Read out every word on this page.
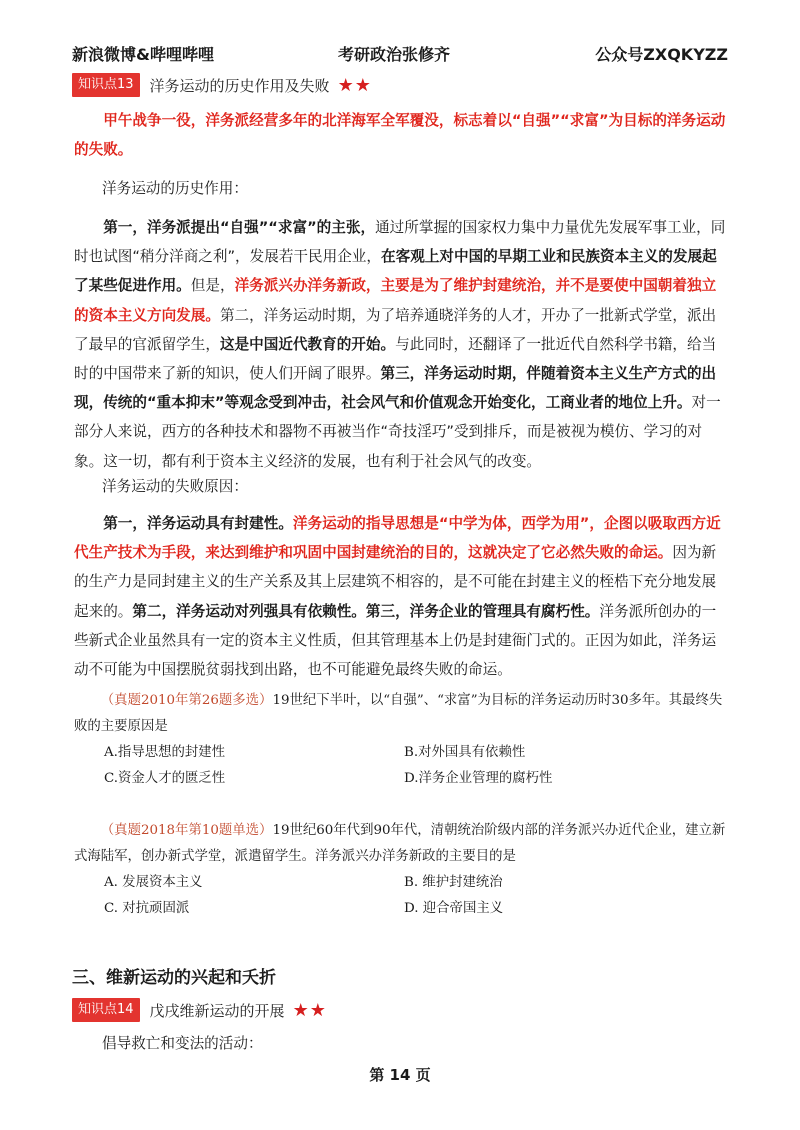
新浪微博&哔哩哔哩	考研政治张修齐	公众号ZXQKYZZ
知识点13	洋务运动的历史作用及失败 ★★

甲午战争一役，洋务派经营多年的北洋海军全军覆没，标志着以“自强”“求富”为目标的洋务运动的失败。

洋务运动的历史作用：

第一，洋务派提出“自强”“求富”的主张，通过所掌握的国家权力集中力量优先发展军事工业，同时也试图“稍分洋商之利”，发展若干民用企业，在客观上对中国的早期工业和民族资本主义的发展起了某些促进作用。但是，洋务派兴办洋务新政，主要是为了维护封建统治，并不是要使中国朝着独立的资本主义方向发展。第二，洋务运动时期，为了培养通晓洋务的人才，开办了一批新式学堂，派出了最早的官派留学生，这是中国近代教育的开始。与此同时，还翻译了一批近代自然科学书籍，给当时的中国带来了新的知识，使人们开阔了眼界。第三，洋务运动时期，伴随着资本主义生产方式的出现，传统的“重本抑末”等观念受到冲击，社会风气和价值观念开始变化，工商业者的地位上升。对一部分人来说，西方的各种技术和器物不再被当作“奇技淫巧”受到排斥，而是被视为模仿、学习的对象。这一切，都有利于资本主义经济的发展，也有利于社会风气的改变。

洋务运动的失败原因：

第一，洋务运动具有封建性。洋务运动的指导思想是“中学为体，西学为用”，企图以吸取西方近代生产技术为手段，来达到维护和巩固中国封建统治的目的，这就决定了它必然失败的命运。因为新的生产力是同封建主义的生产关系及其上层建筑不相容的，是不可能在封建主义的桎梏下充分地发展起来的。第二，洋务运动对列强具有依赖性。第三，洋务企业的管理具有腐朽性。洋务派所创办的一些新式企业虽然具有一定的资本主义性质，但其管理基本上仍是封建衙门式的。正因为如此，洋务运动不可能为中国摆脱贫弱找到出路，也不可能避免最终失败的命运。

（真题2010年第26题多选）19世纪下半叶，以“自强”、“求富”为目标的洋务运动历时30多年。其最终失败的主要原因是

A.指导思想的封建性	B.对外国具有依赖性
C.资金人才的匮乏性	D.洋务企业管理的腐朽性

（真题2018年第10题单选）19世纪60年代到90年代，清朝统治阶级内部的洋务派兴办近代企业，建立新式海陆军，创办新式学堂，派遣留学生。洋务派兴办洋务新政的主要目的是

A. 发展资本主义	B. 维护封建统治
C. 对抗顽固派	D. 迎合帝国主义
三、维新运动的兴起和夭折
知识点14	戊戌维新运动的开展 ★★
倡导救亡和变法的活动：
第 14 页
